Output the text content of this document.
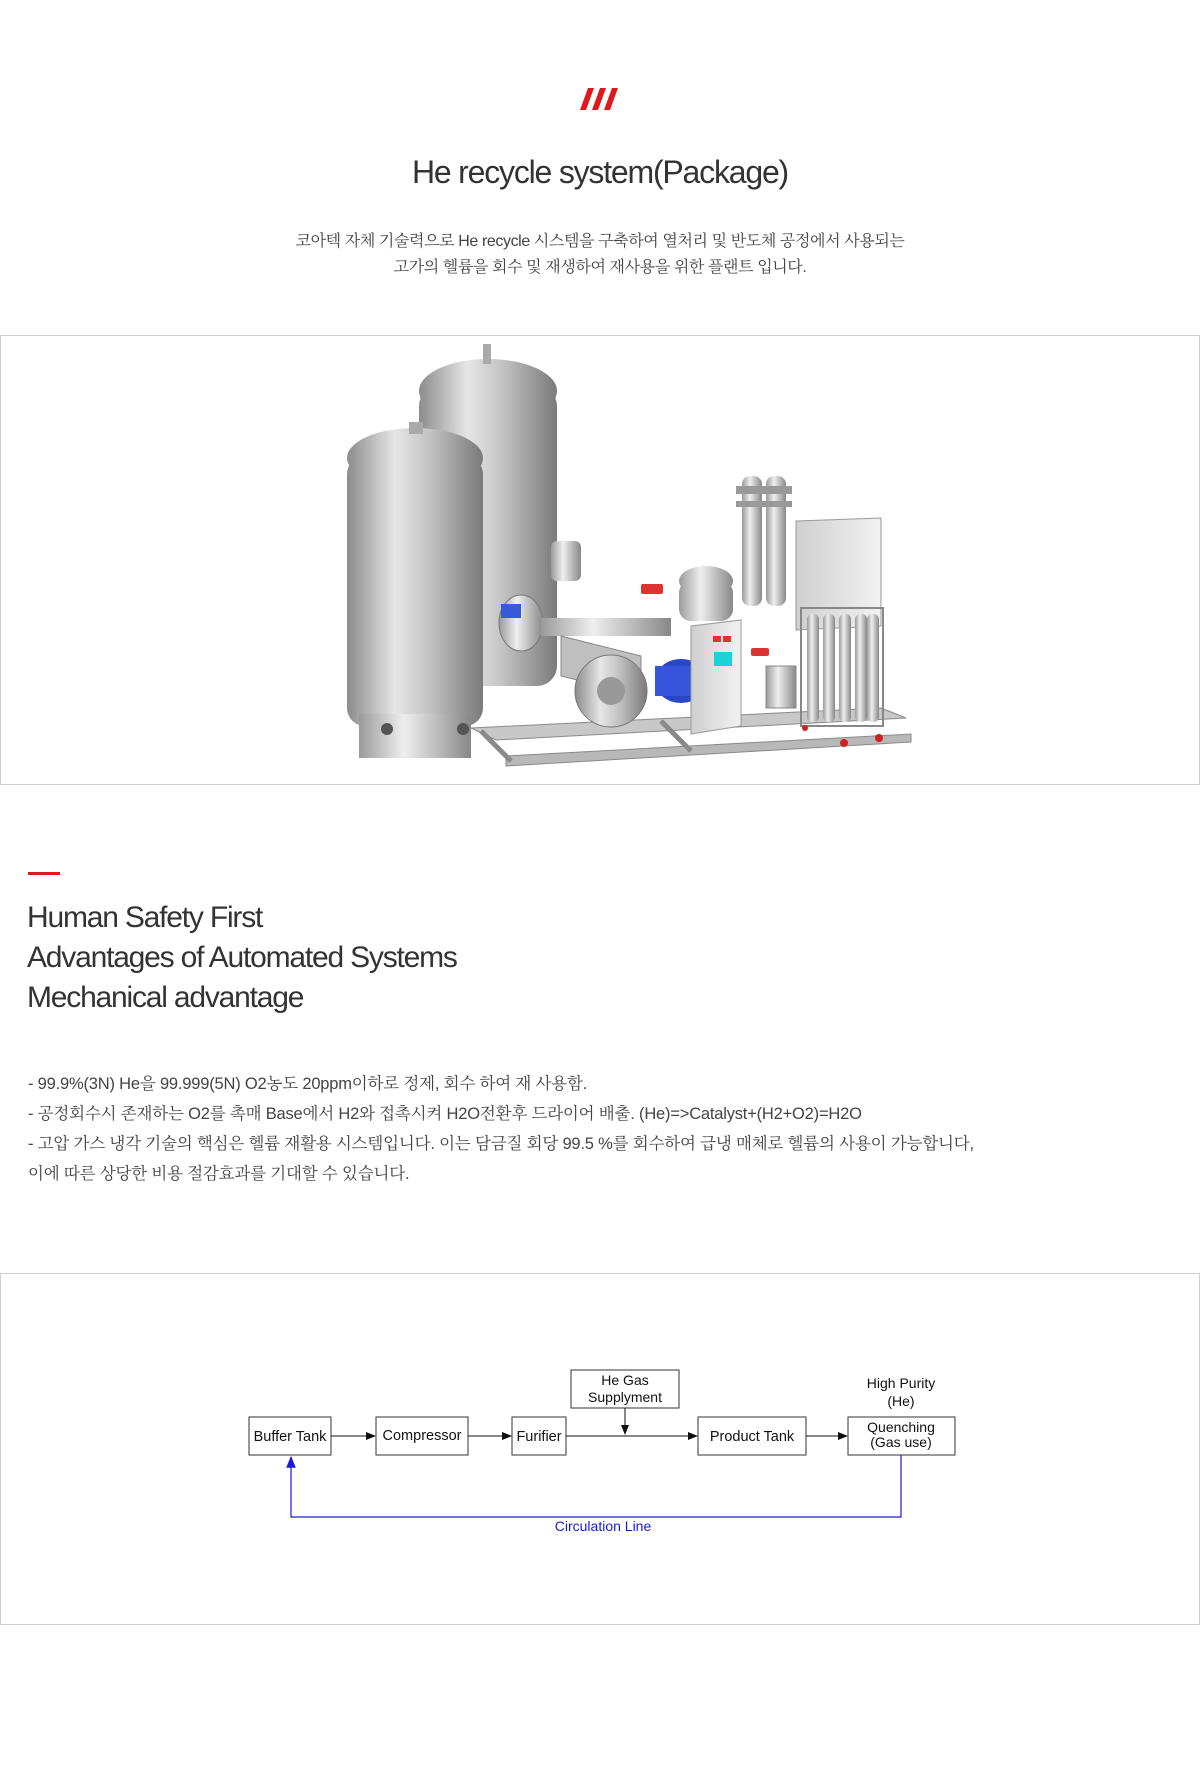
He recycle system(Package)

코아텍 자체 기술력으로 He recycle 시스템을 구축하여 열처리 및 반도체 공정에서 사용되는

고가의 헬륨을 회수 및 재생하여 재사용을 위한 플랜트 입니다.

Human Safety First
Advantages of Automated Systems
Mechanical advantage
- 99.9%(3N) He을 99.999(5N) O2농도 20ppm이하로 정제, 회수 하여 재 사용함.
- 공정회수시 존재하는 O2를 촉매 Base에서 H2와 접촉시켜 H2O전환후 드라이어 배출. (He)=>Catalyst+(H2+O2)=H2O
- 고압 가스 냉각 기술의 핵심은 헬륨 재활용 시스템입니다. 이는 담금질 회당 99.5 %를 회수하여 급냉 매체로 헬륨의 사용이 가능합니다,
이에 따른 상당한 비용 절감효과를 기대할 수 있습니다.
Buffer Tank	Compressor	Furifier
He Gas
Supplyment
Product Tank
Quenching
(Gas use)
High Purity
(He)
Circulation Line
